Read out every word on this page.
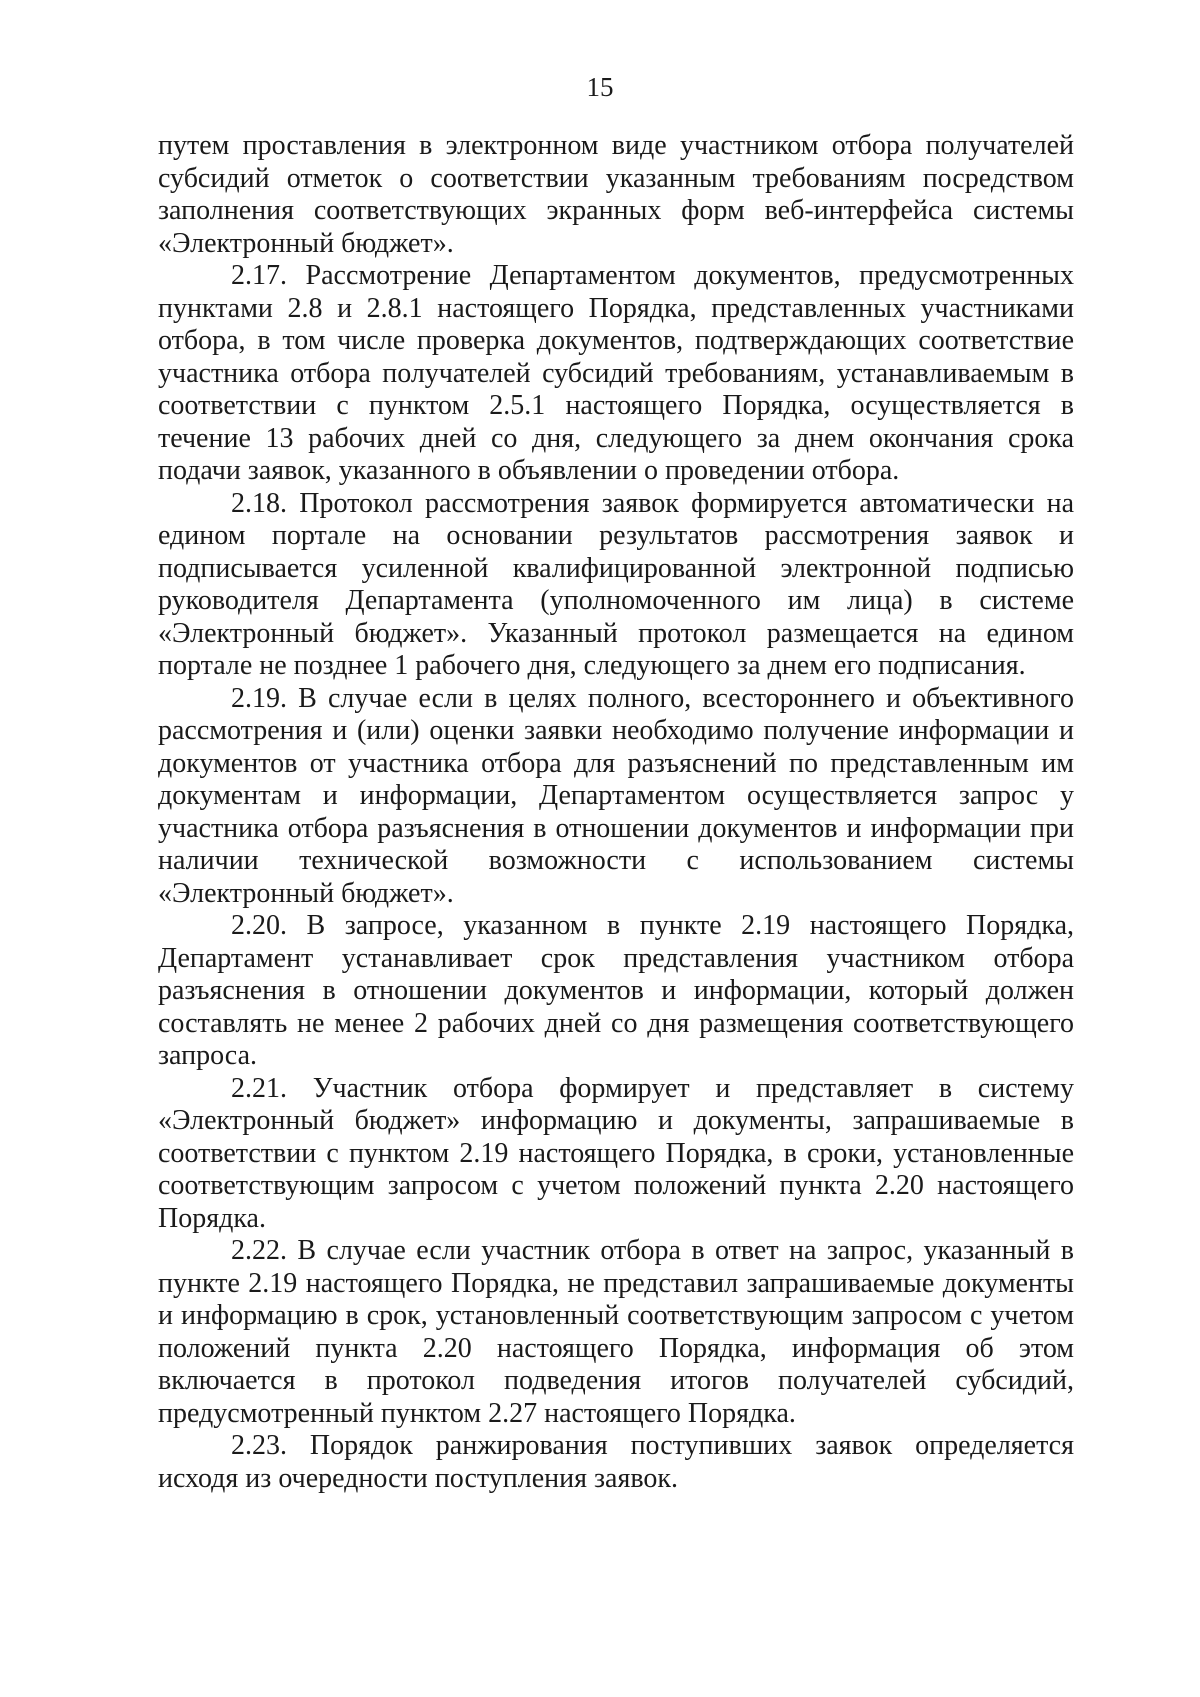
15

путем проставления в электронном виде участником отбора получателей субсидий отметок о соответствии указанным требованиям посредством заполнения соответствующих экранных форм веб-интерфейса системы «Электронный бюджет».

2.17. Рассмотрение Департаментом документов, предусмотренных пунктами 2.8 и 2.8.1 настоящего Порядка, представленных участниками отбора, в том числе проверка документов, подтверждающих соответствие участника отбора получателей субсидий требованиям, устанавливаемым в соответствии с пунктом 2.5.1 настоящего Порядка, осуществляется в течение 13 рабочих дней со дня, следующего за днем окончания срока подачи заявок, указанного в объявлении о проведении отбора.

2.18. Протокол рассмотрения заявок формируется автоматически на едином портале на основании результатов рассмотрения заявок и подписывается усиленной квалифицированной электронной подписью руководителя Департамента (уполномоченного им лица) в системе «Электронный бюджет». Указанный протокол размещается на едином портале не позднее 1 рабочего дня, следующего за днем его подписания.

2.19. В случае если в целях полного, всестороннего и объективного рассмотрения и (или) оценки заявки необходимо получение информации и документов от участника отбора для разъяснений по представленным им документам и информации, Департаментом осуществляется запрос у участника отбора разъяснения в отношении документов и информации при наличии технической возможности с использованием системы «Электронный бюджет».

2.20. В запросе, указанном в пункте 2.19 настоящего Порядка, Департамент устанавливает срок представления участником отбора разъяснения в отношении документов и информации, который должен составлять не менее 2 рабочих дней со дня размещения соответствующего запроса.

2.21. Участник отбора формирует и представляет в систему «Электронный бюджет» информацию и документы, запрашиваемые в соответствии с пунктом 2.19 настоящего Порядка, в сроки, установленные соответствующим запросом с учетом положений пункта 2.20 настоящего Порядка.

2.22. В случае если участник отбора в ответ на запрос, указанный в пункте 2.19 настоящего Порядка, не представил запрашиваемые документы и информацию в срок, установленный соответствующим запросом с учетом положений пункта 2.20 настоящего Порядка, информация об этом включается в протокол подведения итогов получателей субсидий, предусмотренный пунктом 2.27 настоящего Порядка.

2.23. Порядок ранжирования поступивших заявок определяется исходя из очередности поступления заявок.
